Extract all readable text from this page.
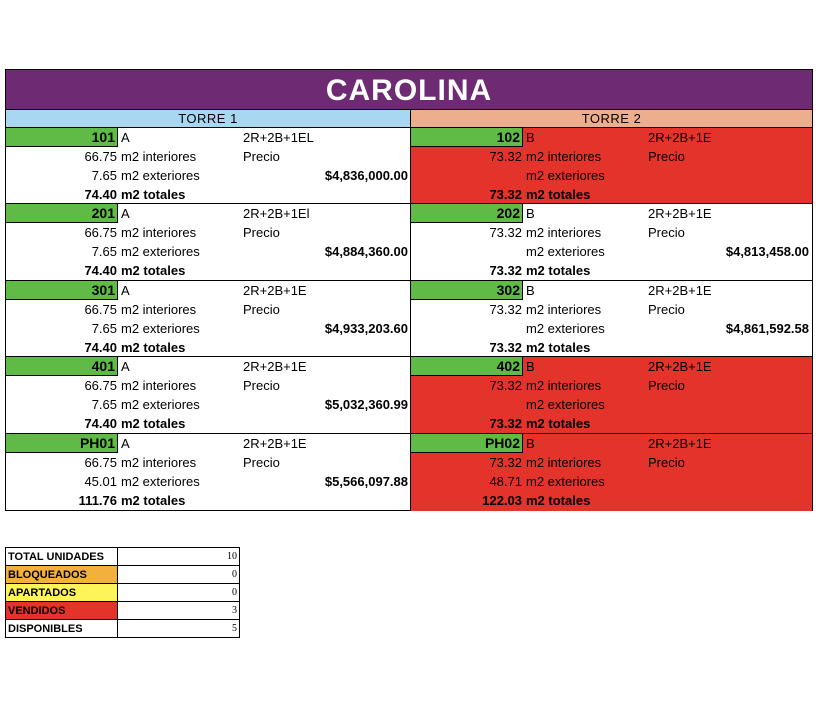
CAROLINA
TORRE 1	TORRE 2
101 A	2R+2B+1EL
66.75 m2 interiores	Precio
7.65 m2 exteriores	$4,836,000.00
74.40 m2 totales
201 A	2R+2B+1El
66.75 m2 interiores	Precio
7.65 m2 exteriores	$4,884,360.00
74.40 m2 totales
301 A	2R+2B+1E
66.75 m2 interiores	Precio
7.65 m2 exteriores	$4,933,203.60
74.40 m2 totales
401 A	2R+2B+1E
66.75 m2 interiores	Precio
7.65 m2 exteriores	$5,032,360.99
74.40 m2 totales
PH01 A	2R+2B+1E
66.75 m2 interiores	Precio
45.01 m2 exteriores	$5,566,097.88
111.76 m2 totales
102 B	2R+2B+1E
73.32 m2 interiores	Precio
m2 exteriores
73.32 m2 totales
202 B	2R+2B+1E
73.32 m2 interiores	Precio
m2 exteriores	$4,813,458.00
73.32 m2 totales
302 B	2R+2B+1E
73.32 m2 interiores	Precio
m2 exteriores	$4,861,592.58
73.32 m2 totales
402 B	2R+2B+1E
73.32 m2 interiores	Precio
m2 exteriores
73.32 m2 totales
PH02 B	2R+2B+1E
73.32 m2 interiores	Precio
48.71 m2 exteriores
122.03 m2 totales
TOTAL UNIDADES	10
BLOQUEADOS	0
APARTADOS	0
VENDIDOS	3
DISPONIBLES	5
